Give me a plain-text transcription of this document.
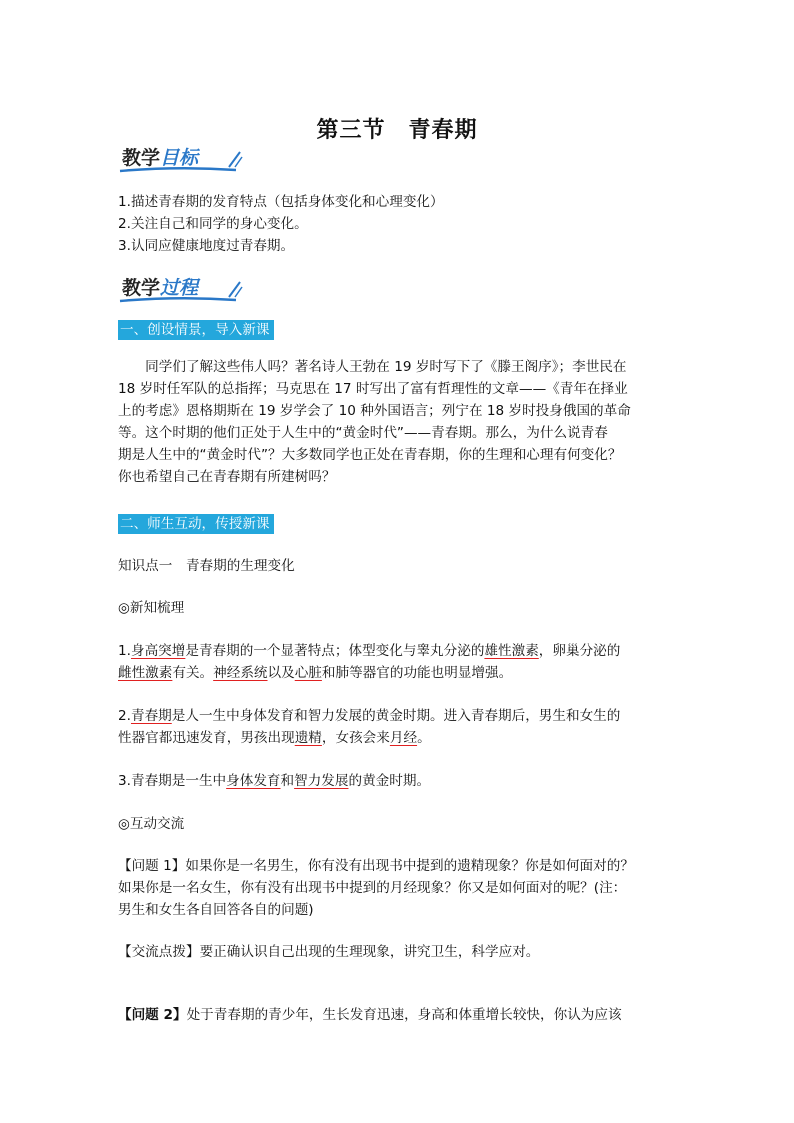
第三节　青春期
教学目标
1.描述青春期的发育特点（包括身体变化和心理变化）
2.关注自己和同学的身心变化。
3.认同应健康地度过青春期。
教学过程
一、创设情景，导入新课
　　同学们了解这些伟人吗？著名诗人王勃在 19 岁时写下了《滕王阁序》；李世民在
18 岁时任军队的总指挥；马克思在 17 时写出了富有哲理性的文章——《青年在择业
上的考虑》恩格期斯在 19 岁学会了 10 种外国语言；列宁在 18 岁时投身俄国的革命
等。这个时期的他们正处于人生中的“黄金时代”——青春期。那么，为什么说青春
期是人生中的“黄金时代”？大多数同学也正处在青春期，你的生理和心理有何变化？
你也希望自己在青春期有所建树吗？
二、师生互动，传授新课
知识点一　青春期的生理变化
◎新知梳理
1.身高突增是青春期的一个显著特点；体型变化与睾丸分泌的雄性激素，卵巢分泌的
雌性激素有关。神经系统以及心脏和肺等器官的功能也明显增强。
2.青春期是人一生中身体发育和智力发展的黄金时期。进入青春期后，男生和女生的
性器官都迅速发育，男孩出现遗精，女孩会来月经。
3.青春期是一生中身体发育和智力发展的黄金时期。
◎互动交流
【问题 1】如果你是一名男生，你有没有出现书中提到的遗精现象？你是如何面对的？
如果你是一名女生，你有没有出现书中提到的月经现象？你又是如何面对的呢？(注：
男生和女生各自回答各自的问题)
【交流点拨】要正确认识自己出现的生理现象，讲究卫生，科学应对。
【问题 2】处于青春期的青少年，生长发育迅速，身高和体重增长较快，你认为应该
